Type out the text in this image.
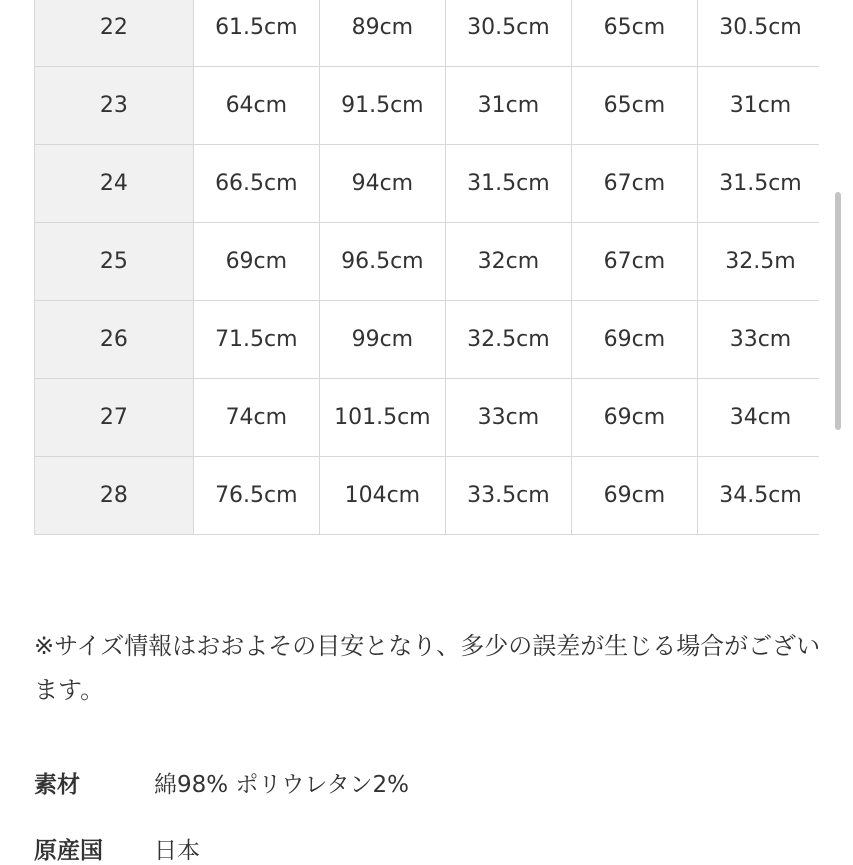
22	61.5cm	89cm	30.5cm	65cm	30.5cm
23	64cm	91.5cm	31cm	65cm	31cm
24	66.5cm	94cm	31.5cm	67cm	31.5cm
25	69cm	96.5cm	32cm	67cm	32.5m
26	71.5cm	99cm	32.5cm	69cm	33cm
27	74cm	101.5cm	33cm	69cm	34cm
28	76.5cm	104cm	33.5cm	69cm	34.5cm

※サイズ情報はおおよその目安となり、多少の誤差が生じる場合がございます。

素材	綿98% ポリウレタン2%
原産国	日本
